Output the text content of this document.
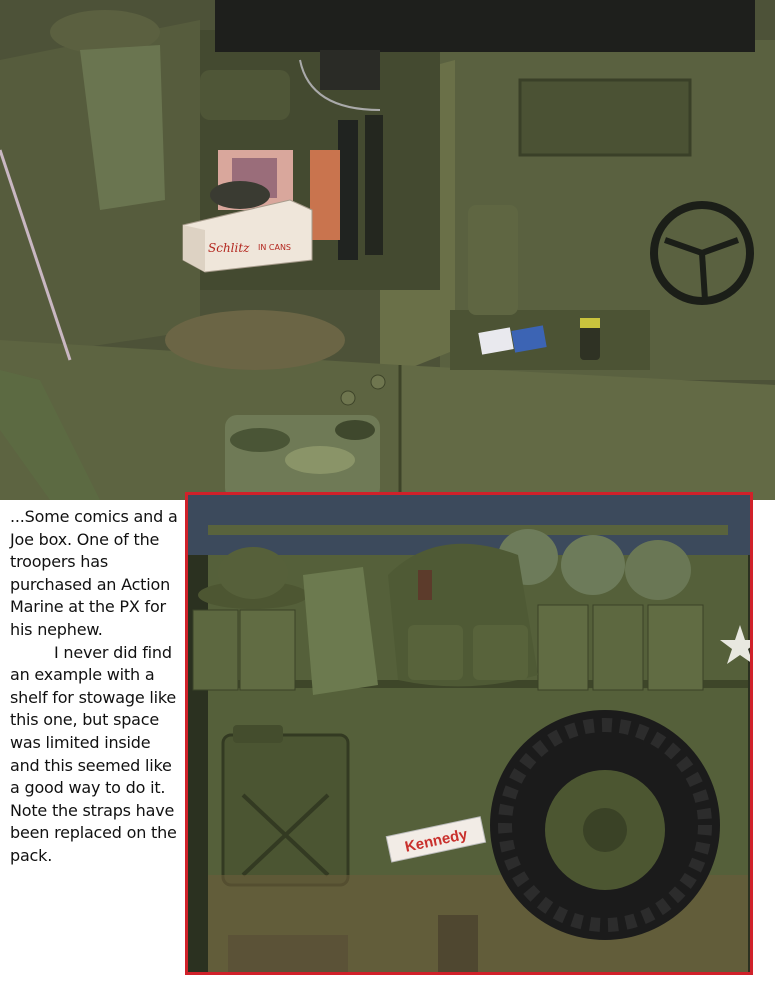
Schlitz IN CANS

...Some comics and a Joe box. One of the troopers has purchased an Action Marine at the PX for his nephew.

I never did find an example with a shelf for stowage like this one, but space was limited inside and this seemed like a good way to do it. Note the straps have been replaced on the pack.	Kennedy
